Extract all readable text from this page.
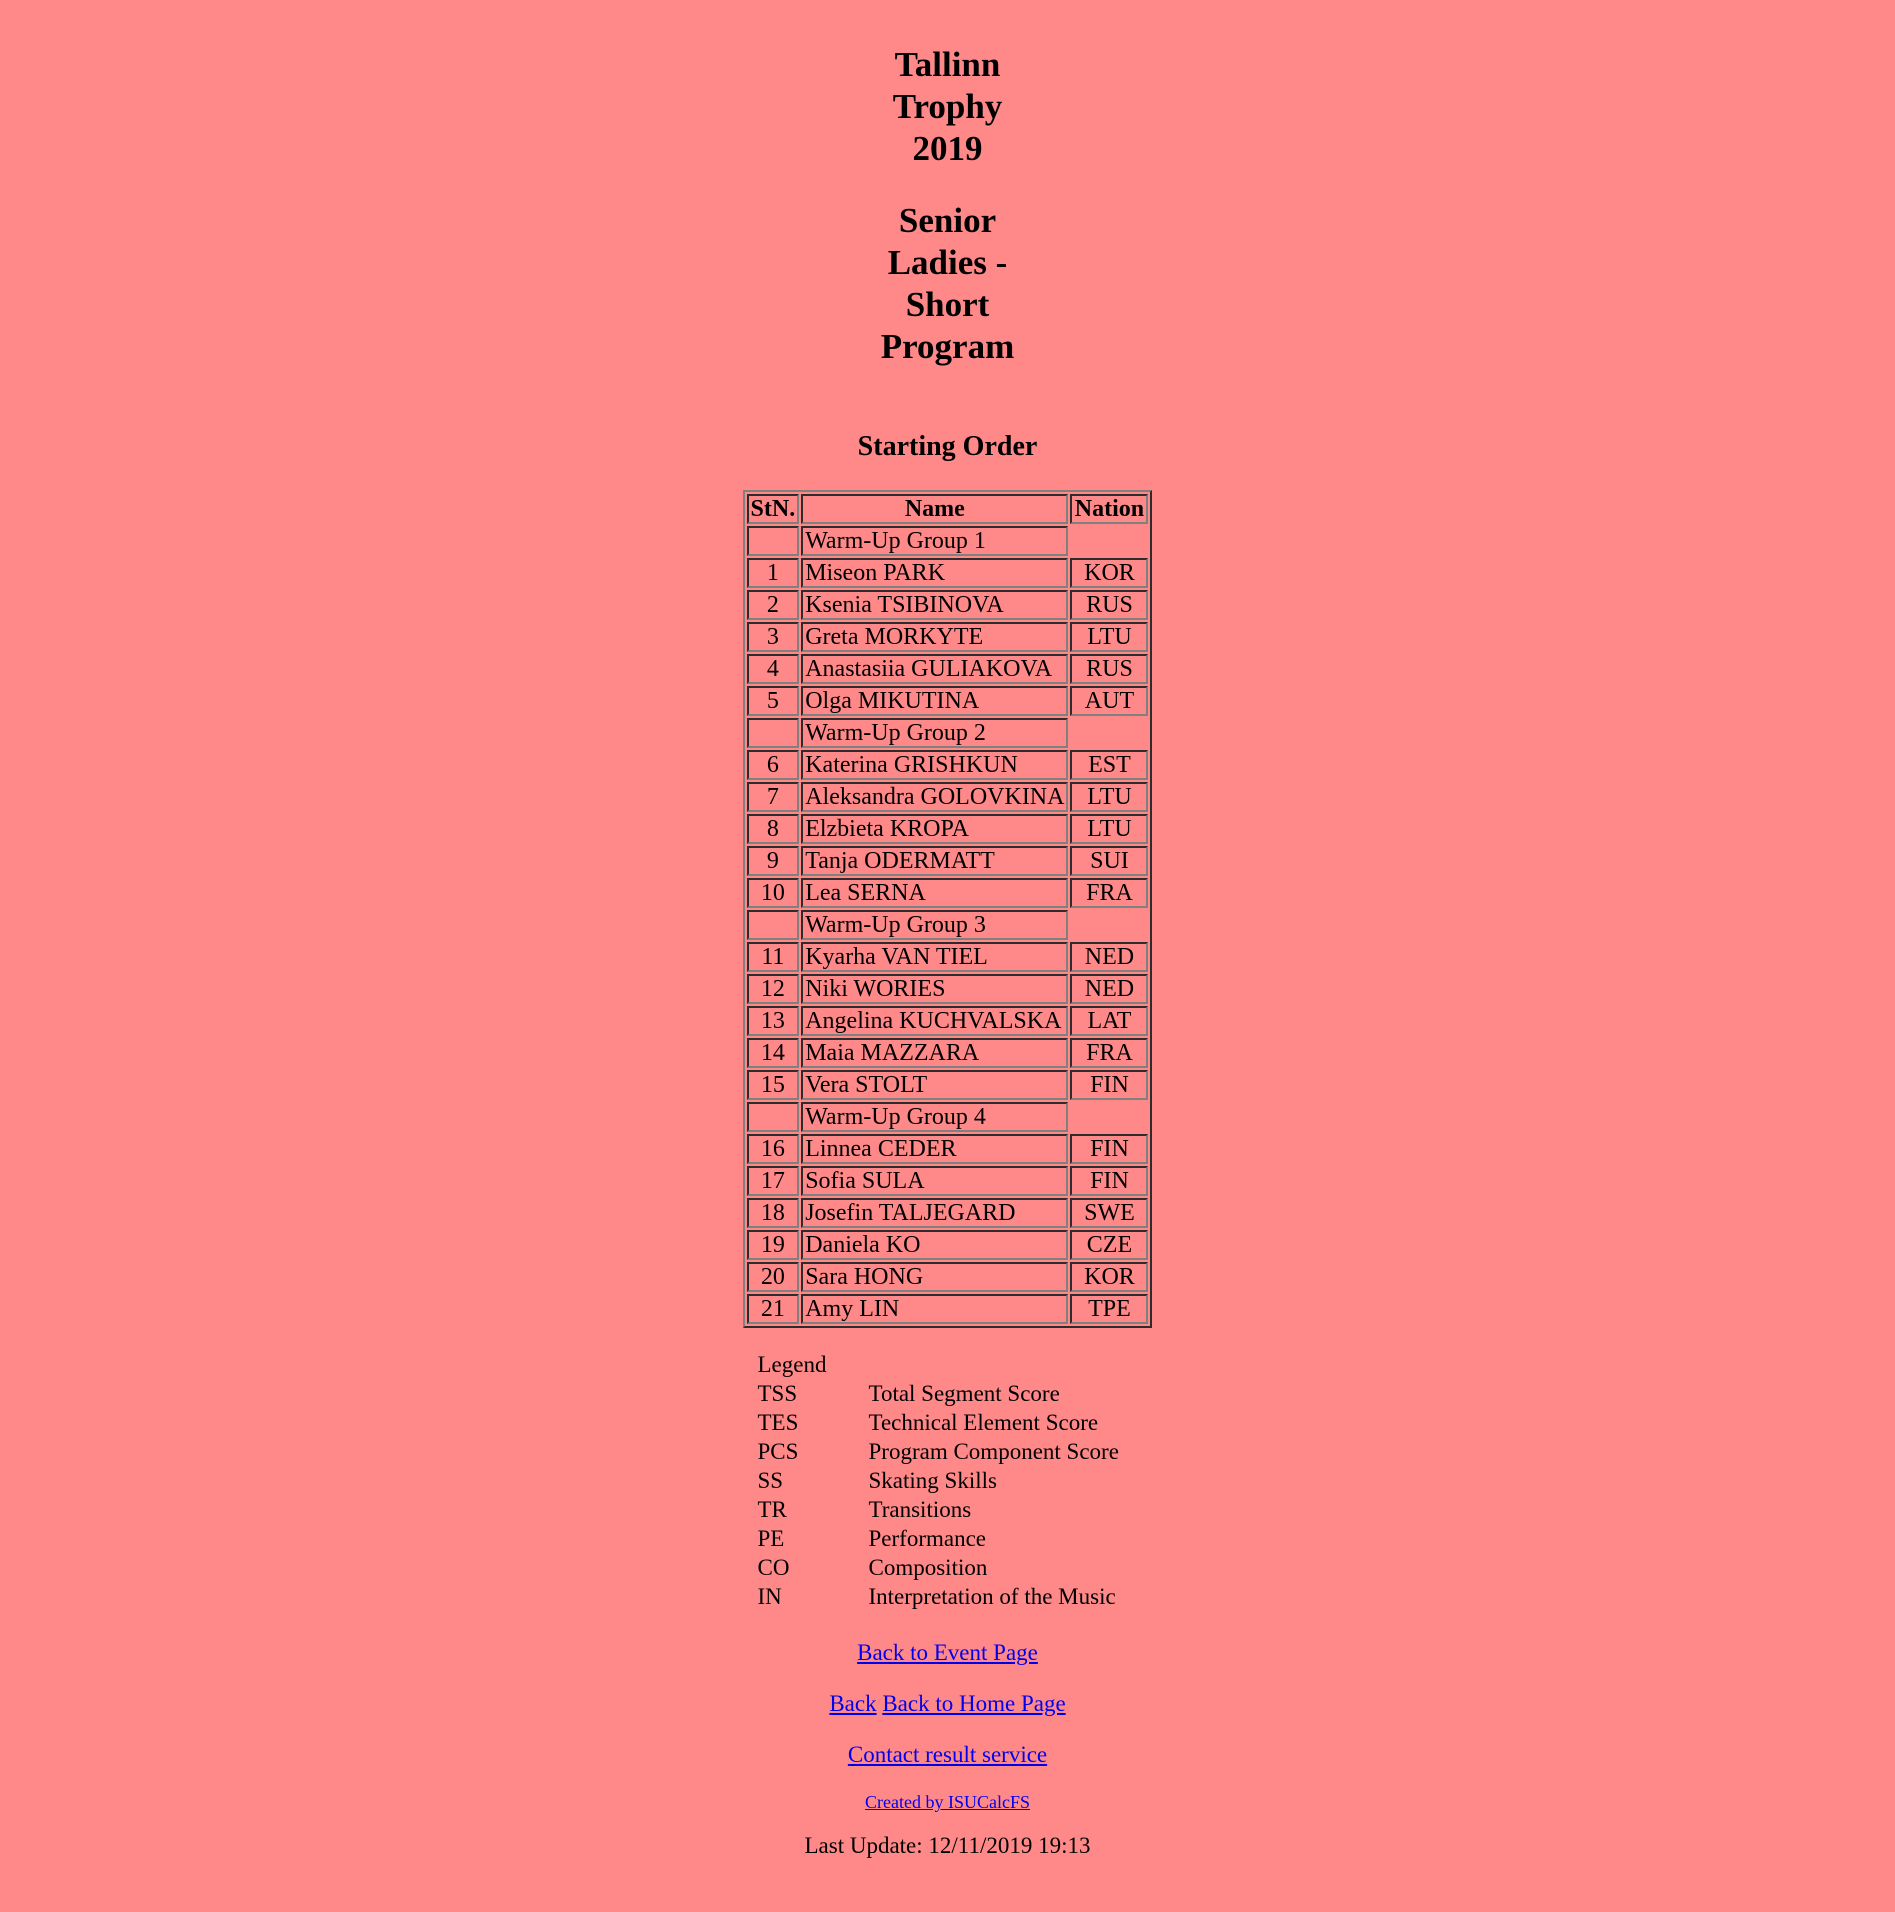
Tallinn Trophy 2019
Senior Ladies - Short Program
Starting Order
StN.	Name	Nation
	Warm-Up Group 1	
1	Miseon PARK	KOR
2	Ksenia TSIBINOVA	RUS
3	Greta MORKYTE	LTU
4	Anastasiia GULIAKOVA	RUS
5	Olga MIKUTINA	AUT
	Warm-Up Group 2	
6	Katerina GRISHKUN	EST
7	Aleksandra GOLOVKINA	LTU
8	Elzbieta KROPA	LTU
9	Tanja ODERMATT	SUI
10	Lea SERNA	FRA
	Warm-Up Group 3	
11	Kyarha VAN TIEL	NED
12	Niki WORIES	NED
13	Angelina KUCHVALSKA	LAT
14	Maia MAZZARA	FRA
15	Vera STOLT	FIN
	Warm-Up Group 4	
16	Linnea CEDER	FIN
17	Sofia SULA	FIN
18	Josefin TALJEGARD	SWE
19	Daniela KO	CZE
20	Sara HONG	KOR
21	Amy LIN	TPE
Legend
TSS	Total Segment Score
TES	Technical Element Score
PCS	Program Component Score
SS	Skating Skills
TR	Transitions
PE	Performance
CO	Composition
IN	Interpretation of the Music

Back to Event Page

Back Back to Home Page

Contact result service

Created by ISUCalcFS
Last Update: 12/11/2019 19:13
